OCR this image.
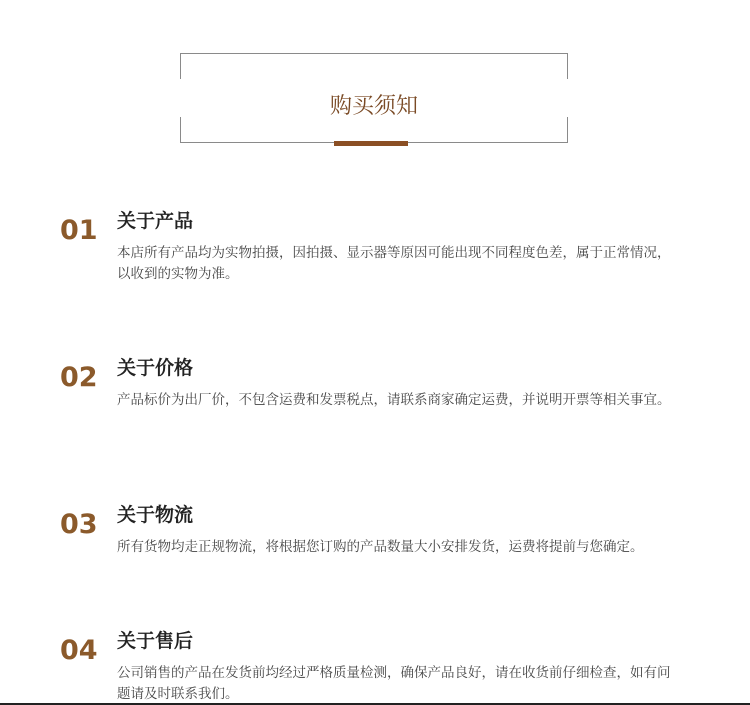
购买须知
01 关于产品
本店所有产品均为实物拍摄，因拍摄、显示器等原因可能出现不同程度色差，属于正常情况，以收到的实物为准。
02 关于价格
产品标价为出厂价，不包含运费和发票税点，请联系商家确定运费，并说明开票等相关事宜。
03 关于物流
所有货物均走正规物流，将根据您订购的产品数量大小安排发货，运费将提前与您确定。
04 关于售后
公司销售的产品在发货前均经过严格质量检测，确保产品良好，请在收货前仔细检查，如有问题请及时联系我们。
